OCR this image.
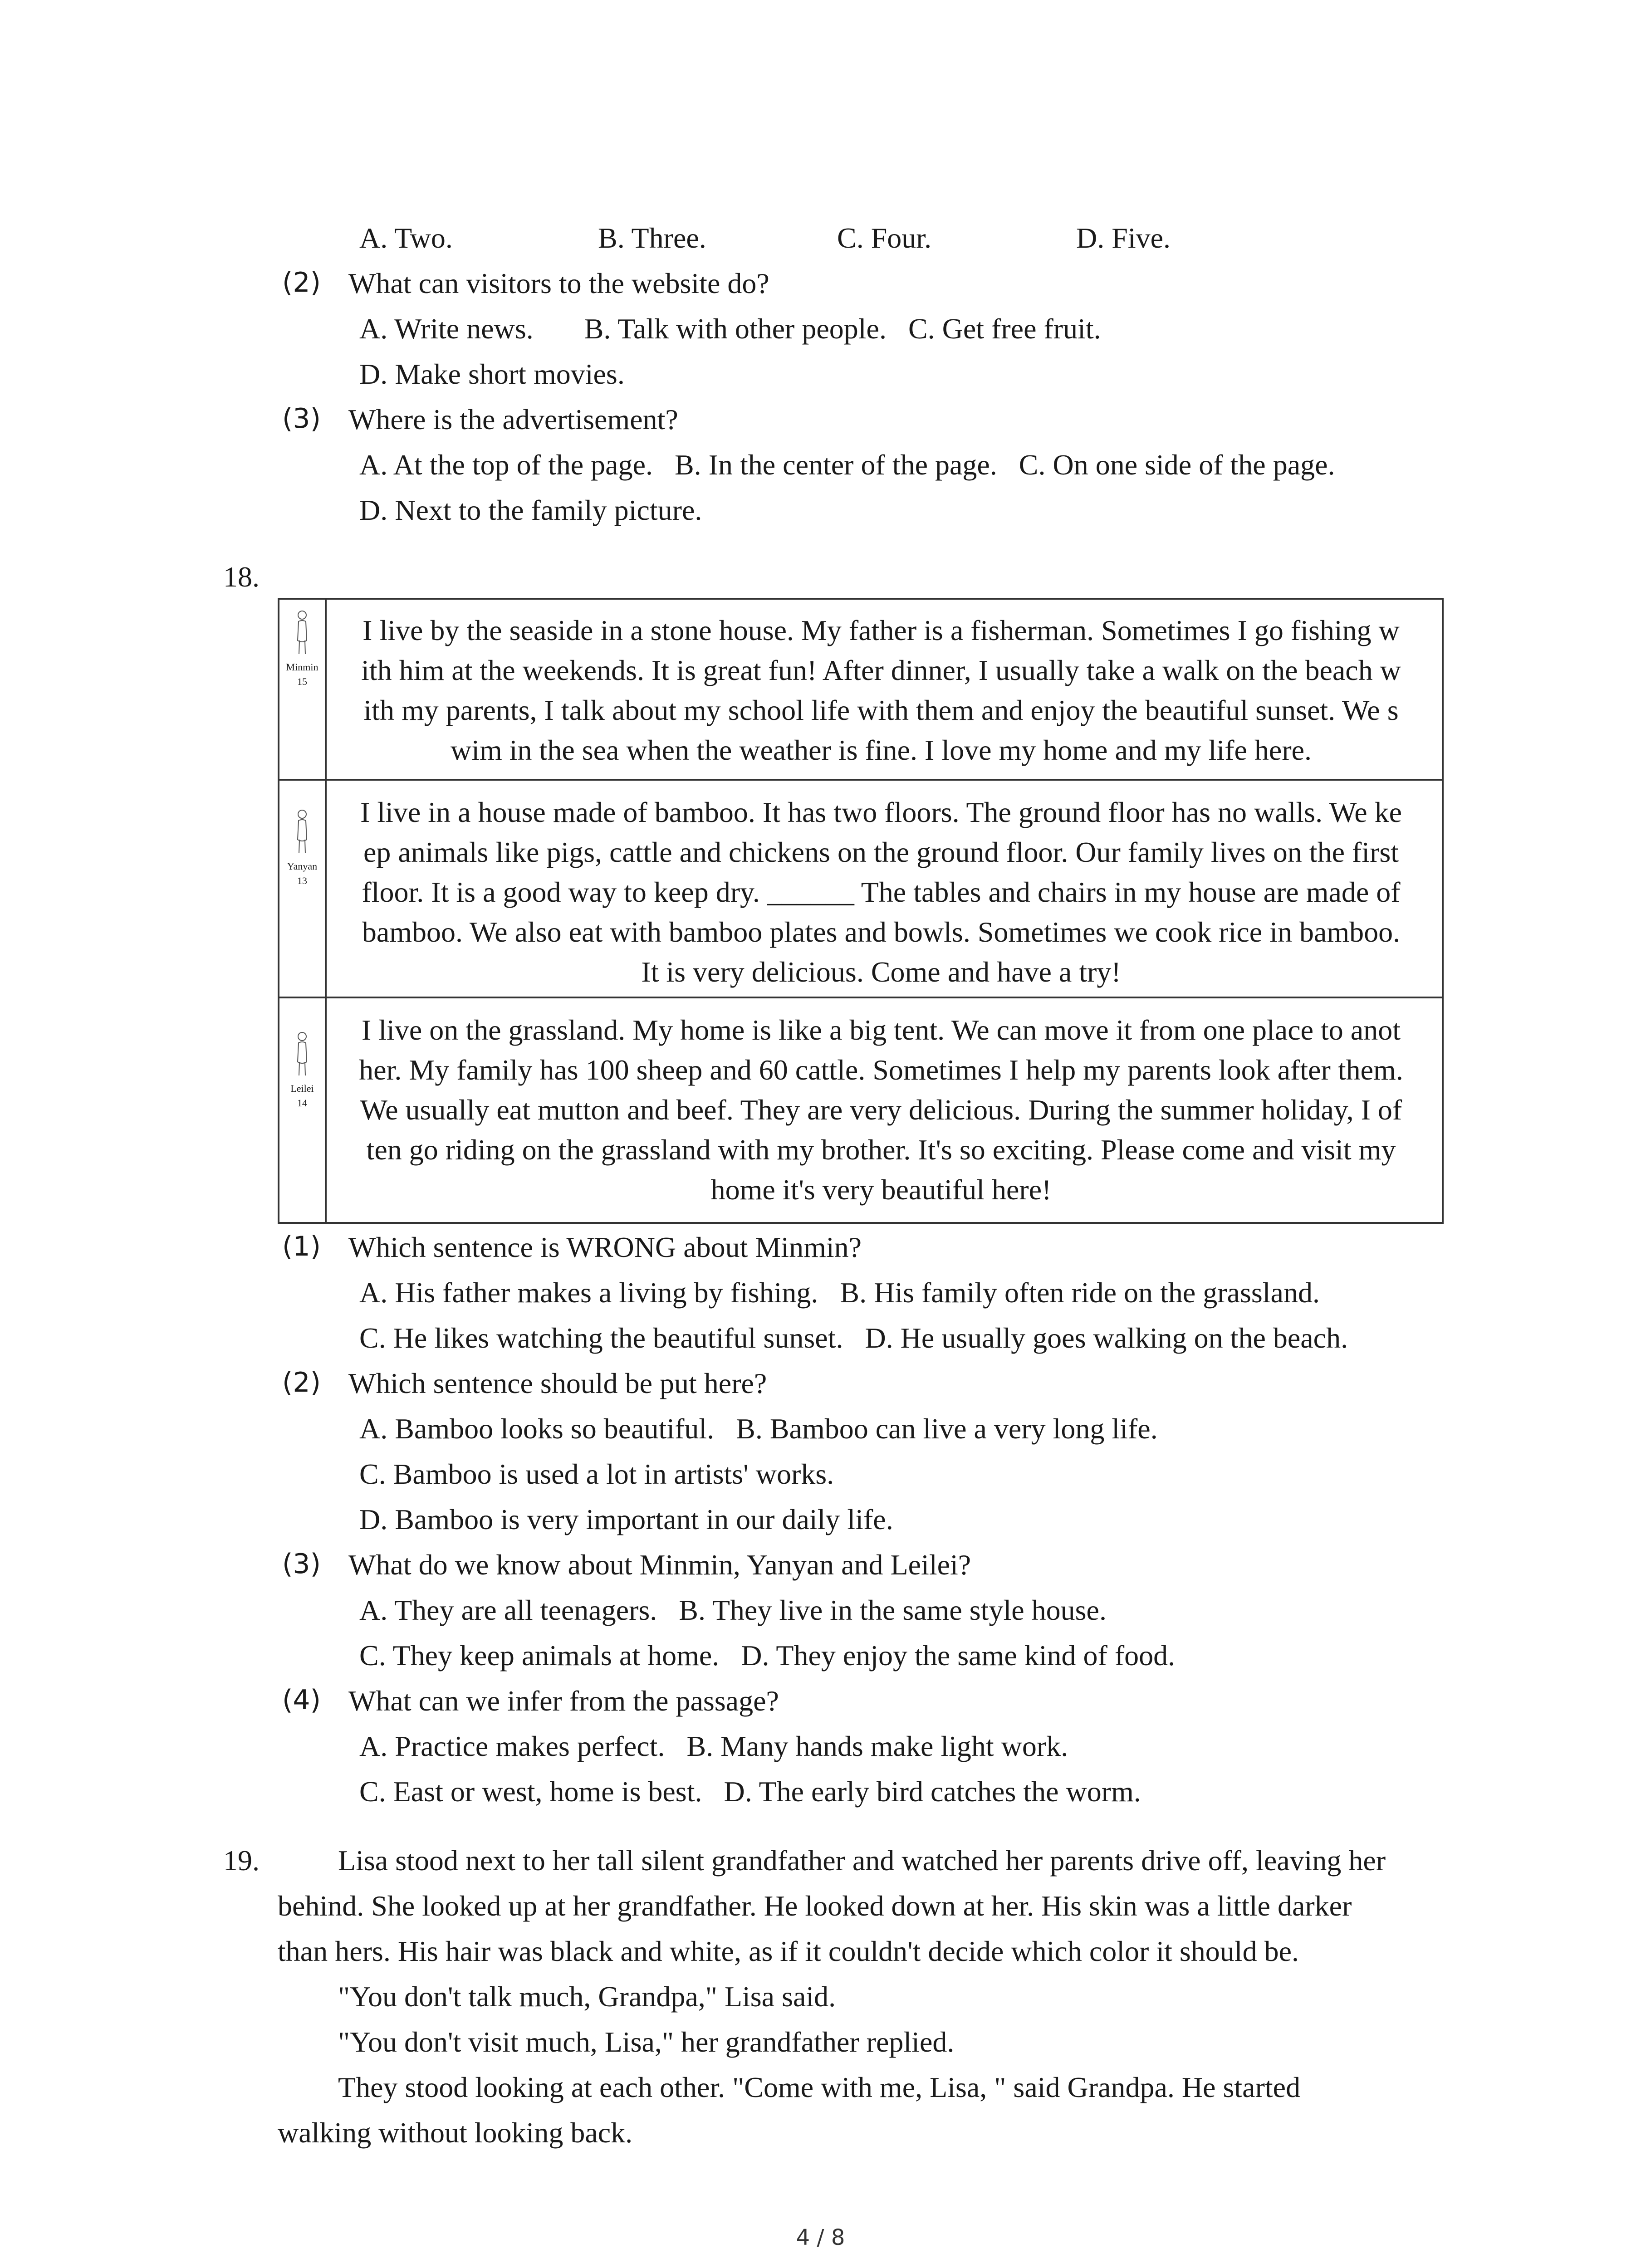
A. Two.	B. Three.	C. Four.	D. Five.
(2) What can visitors to the website do?
A. Write news.       B. Talk with other people.   C. Get free fruit.
D. Make short movies.
(3) Where is the advertisement?
A. At the top of the page.   B. In the center of the page.   C. On one side of the page.
D. Next to the family picture.
18.
Minmin
15
I live by the seaside in a stone house. My father is a fisherman. Sometimes I go fishing w
ith him at the weekends. It is great fun! After dinner, I usually take a walk on the beach w
ith my parents, I talk about my school life with them and enjoy the beautiful sunset. We s
wim in the sea when the weather is fine. I love my home and my life here.
Yanyan
13
I live in a house made of bamboo. It has two floors. The ground floor has no walls. We ke
ep animals like pigs, cattle and chickens on the ground floor. Our family lives on the first
floor. It is a good way to keep dry. ______ The tables and chairs in my house are made of
bamboo. We also eat with bamboo plates and bowls. Sometimes we cook rice in bamboo.
It is very delicious. Come and have a try!
Leilei
14
I live on the grassland. My home is like a big tent. We can move it from one place to anot
her. My family has 100 sheep and 60 cattle. Sometimes I help my parents look after them.
We usually eat mutton and beef. They are very delicious. During the summer holiday, I of
ten go riding on the grassland with my brother. It's so exciting. Please come and visit my
home it's very beautiful here!
(1) Which sentence is WRONG about Minmin?
A. His father makes a living by fishing.   B. His family often ride on the grassland.
C. He likes watching the beautiful sunset.   D. He usually goes walking on the beach.
(2) Which sentence should be put here?
A. Bamboo looks so beautiful.   B. Bamboo can live a very long life.
C. Bamboo is used a lot in artists' works.
D. Bamboo is very important in our daily life.
(3) What do we know about Minmin, Yanyan and Leilei?
A. They are all teenagers.   B. They live in the same style house.
C. They keep animals at home.   D. They enjoy the same kind of food.
(4) What can we infer from the passage?
A. Practice makes perfect.   B. Many hands make light work.
C. East or west, home is best.   D. The early bird catches the worm.
19.	Lisa stood next to her tall silent grandfather and watched her parents drive off, leaving her
behind. She looked up at her grandfather. He looked down at her. His skin was a little darker
than hers. His hair was black and white, as if it couldn't decide which color it should be.
"You don't talk much, Grandpa," Lisa said.
"You don't visit much, Lisa," her grandfather replied.
They stood looking at each other. "Come with me, Lisa, " said Grandpa. He started
walking without looking back.
4 / 8
